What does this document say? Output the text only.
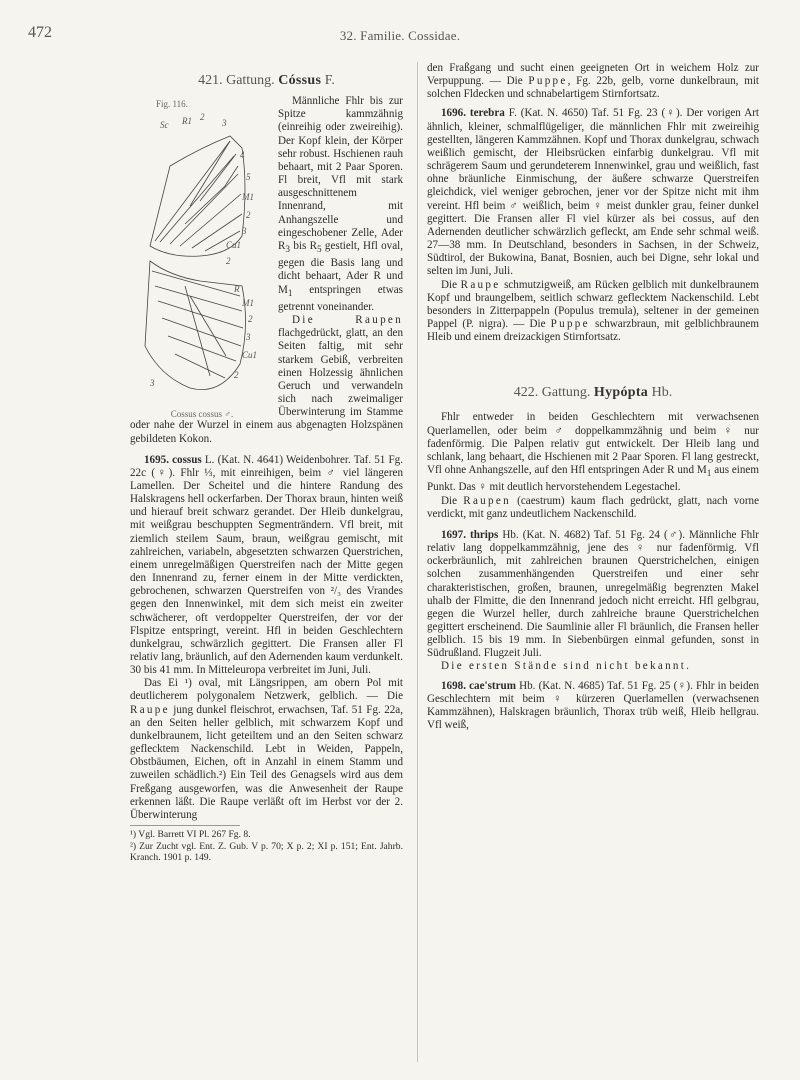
472	32. Familie. Cossidae.

421. Gattung. Cóssus F.

Fig. 116.
Sc R1 2
3
4
5
M1
2
3
Cu1
2
R
M1
2
3
Cu1
2
3
Cossus cossus ♂.
Männliche Fhlr bis zur Spitze kammzähnig (einreihig oder zweireihig). Der Kopf klein, der Körper sehr robust. Hschienen rauh behaart, mit 2 Paar Sporen. Fl breit, Vfl mit stark ausgeschnittenem Innenrand, mit Anhangszelle und eingeschobener Zelle, Ader $R_3$ bis $R_5$ gestielt, Hfl oval, gegen die Basis lang und dicht behaart, Ader R und $M_1$ entspringen etwas getrennt voneinander.

Die Raupen flachgedrückt, glatt, an den Seiten faltig, mit sehr starkem Gebiß, verbreiten einen Holzessig ähnlichen Geruch und verwandeln sich nach zweimaliger Überwinterung im Stamme oder nahe der Wurzel in einem aus abgenagten Holzspänen gebildeten Kokon.

1695. cossus L. (Kat. N. 4641) Weidenbohrer. Taf. 51 Fg. 22c (♀). Fhlr ⅓, mit einreihigen, beim ♂ viel längeren Lamellen. Der Scheitel und die hintere Randung des Halskragens hell ockerfarben. Der Thorax braun, hinten weiß und hierauf breit schwarz gerandet. Der Hleib dunkelgrau, mit weißgrau beschuppten Segmenträndern. Vfl breit, mit ziemlich steilem Saum, braun, weißgrau gemischt, mit zahlreichen, variabeln, abgesetzten schwarzen Querstrichen, einem unregelmäßigen Querstreifen nach der Mitte gegen den Innenrand zu, ferner einem in der Mitte verdickten, gebrochenen, schwarzen Querstreifen von ²/₃ des Vrandes gegen den Innenwinkel, mit dem sich meist ein zweiter schwächerer, oft verdoppelter Querstreifen, der vor der Flspitze entspringt, vereint. Hfl in beiden Geschlechtern dunkelgrau, schwärzlich gegittert. Die Fransen aller Fl relativ lang, bräunlich, auf den Adernenden kaum verdunkelt. 30 bis 41 mm. In Mitteleuropa verbreitet im Juni, Juli.

Das Ei ¹) oval, mit Längsrippen, am obern Pol mit deutlicherem polygonalem Netzwerk, gelblich. — Die Raupe jung dunkel fleischrot, erwachsen, Taf. 51 Fg. 22a, an den Seiten heller gelblich, mit schwarzem Kopf und dunkelbraunem, licht geteiltem und an den Seiten schwarz geflecktem Nackenschild. Lebt in Weiden, Pappeln, Obstbäumen, Eichen, oft in Anzahl in einem Stamm und zuweilen schädlich.²) Ein Teil des Genagsels wird aus dem Freßgang ausgeworfen, was die Anwesenheit der Raupe erkennen läßt. Die Raupe verläßt oft im Herbst vor der 2. Überwinterung

¹) Vgl. Barrett VI Pl. 267 Fg. 8.

²) Zur Zucht vgl. Ent. Z. Gub. V p. 70; X p. 2; XI p. 151; Ent. Jahrb. Kranch. 1901 p. 149.

den Fraßgang und sucht einen geeigneten Ort in weichem Holz zur Verpuppung. — Die Puppe, Fg. 22b, gelb, vorne dunkelbraun, mit solchen Fldecken und schnabelartigem Stirnfortsatz.

1696. terebra F. (Kat. N. 4650) Taf. 51 Fg. 23 (♀). Der vorigen Art ähnlich, kleiner, schmalflügeliger, die männlichen Fhlr mit zweireihig gestellten, längeren Kammzähnen. Kopf und Thorax dunkelgrau, schwach weißlich gemischt, der Hleibsrücken einfarbig dunkelgrau. Vfl mit schrägerem Saum und gerundeterem Innenwinkel, grau und weißlich, fast ohne bräunliche Einmischung, der äußere schwarze Querstreifen gleichdick, viel weniger gebrochen, jener vor der Spitze nicht mit ihm vereint. Hfl beim ♂ weißlich, beim ♀ meist dunkler grau, feiner dunkel gegittert. Die Fransen aller Fl viel kürzer als bei cossus, auf den Adernenden deutlicher schwärzlich gefleckt, am Ende sehr schmal weiß. 27—38 mm. In Deutschland, besonders in Sachsen, in der Schweiz, Südtirol, der Bukowina, Banat, Bosnien, auch bei Digne, sehr lokal und selten im Juni, Juli.

Die Raupe schmutzigweiß, am Rücken gelblich mit dunkelbraunem Kopf und braungelbem, seitlich schwarz geflecktem Nackenschild. Lebt besonders in Zitterpappeln (Populus tremula), seltener in der gemeinen Pappel (P. nigra). — Die Puppe schwarzbraun, mit gelblichbraunem Hleib und einem dreizackigen Stirnfortsatz.

422. Gattung. Hypópta Hb.

Fhlr entweder in beiden Geschlechtern mit verwachsenen Querlamellen, oder beim ♂ doppelkammzähnig und beim ♀ nur fadenförmig. Die Palpen relativ gut entwickelt. Der Hleib lang und schlank, lang behaart, die Hschienen mit 2 Paar Sporen. Fl lang gestreckt, Vfl ohne Anhangszelle, auf den Hfl entspringen Ader R und $M_1$ aus einem Punkt. Das ♀ mit deutlich hervorstehendem Legestachel.

Die Raupen (caestrum) kaum flach gedrückt, glatt, nach vorne verdickt, mit ganz undeutlichem Nackenschild.

1697. thrips Hb. (Kat. N. 4682) Taf. 51 Fg. 24 (♂). Männliche Fhlr relativ lang doppelkammzähnig, jene des ♀ nur fadenförmig. Vfl ockerbräunlich, mit zahlreichen braunen Querstrichelchen, einigen solchen zusammenhängenden Querstreifen und einer sehr charakteristischen, großen, braunen, unregelmäßig begrenzten Makel uhalb der Flmitte, die den Innenrand jedoch nicht erreicht. Hfl gelbgrau, gegen die Wurzel heller, durch zahlreiche braune Querstrichelchen gegittert erscheinend. Die Saumlinie aller Fl bräunlich, die Fransen heller gelblich. 15 bis 19 mm. In Siebenbürgen einmal gefunden, sonst in Südrußland. Flugzeit Juli.

Die ersten Stände sind nicht bekannt.

1698. cae'strum Hb. (Kat. N. 4685) Taf. 51 Fg. 25 (♀). Fhlr in beiden Geschlechtern mit beim ♀ kürzeren Querlamellen (verwachsenen Kammzähnen), Halskragen bräunlich, Thorax trüb weiß, Hleib hellgrau. Vfl weiß,
